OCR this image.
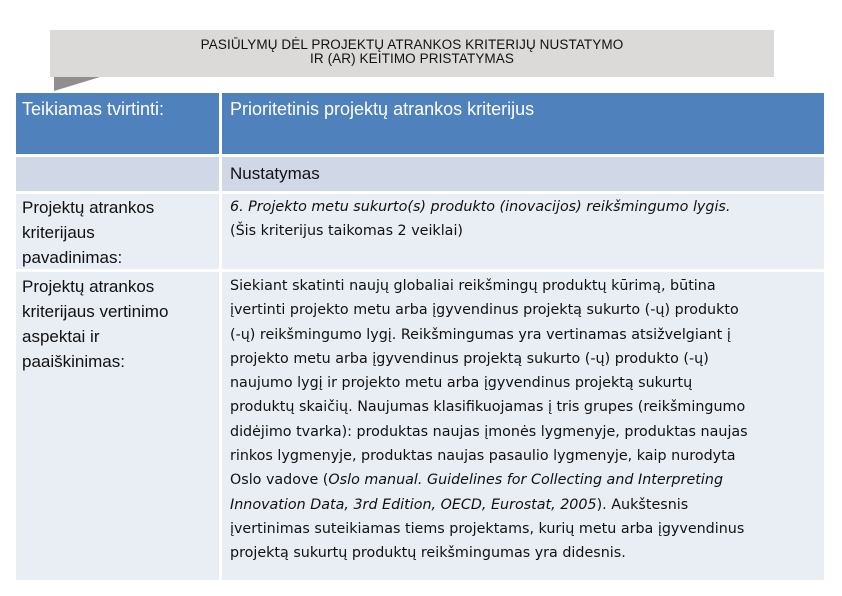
PASIŪLYMŲ DĖL PROJEKTŲ ATRANKOS KRITERIJŲ NUSTATYMO
IR (AR) KEITIMO PRISTATYMAS
Teikiamas tvirtinti:	Prioritetinis projektų atrankos kriterijus
Nustatymas
Projektų atrankos
kriterijaus
pavadinimas:
6. Projekto metu sukurto(s) produkto (inovacijos) reikšmingumo lygis.
(Šis kriterijus taikomas 2 veiklai)
Projektų atrankos
kriterijaus vertinimo
aspektai ir
paaiškinimas:
Siekiant skatinti naujų globaliai reikšmingų produktų kūrimą, būtina
įvertinti projekto metu arba įgyvendinus projektą sukurto (-ų) produkto
(-ų) reikšmingumo lygį. Reikšmingumas yra vertinamas atsižvelgiant į
projekto metu arba įgyvendinus projektą sukurto (-ų) produkto (-ų)
naujumo lygį ir projekto metu arba įgyvendinus projektą sukurtų
produktų skaičių. Naujumas klasifikuojamas į tris grupes (reikšmingumo
didėjimo tvarka): produktas naujas įmonės lygmenyje, produktas naujas
rinkos lygmenyje, produktas naujas pasaulio lygmenyje, kaip nurodyta
Oslo vadove (Oslo manual. Guidelines for Collecting and Interpreting
Innovation Data, 3rd Edition, OECD, Eurostat, 2005). Aukštesnis
įvertinimas suteikiamas tiems projektams, kurių metu arba įgyvendinus
projektą sukurtų produktų reikšmingumas yra didesnis.
